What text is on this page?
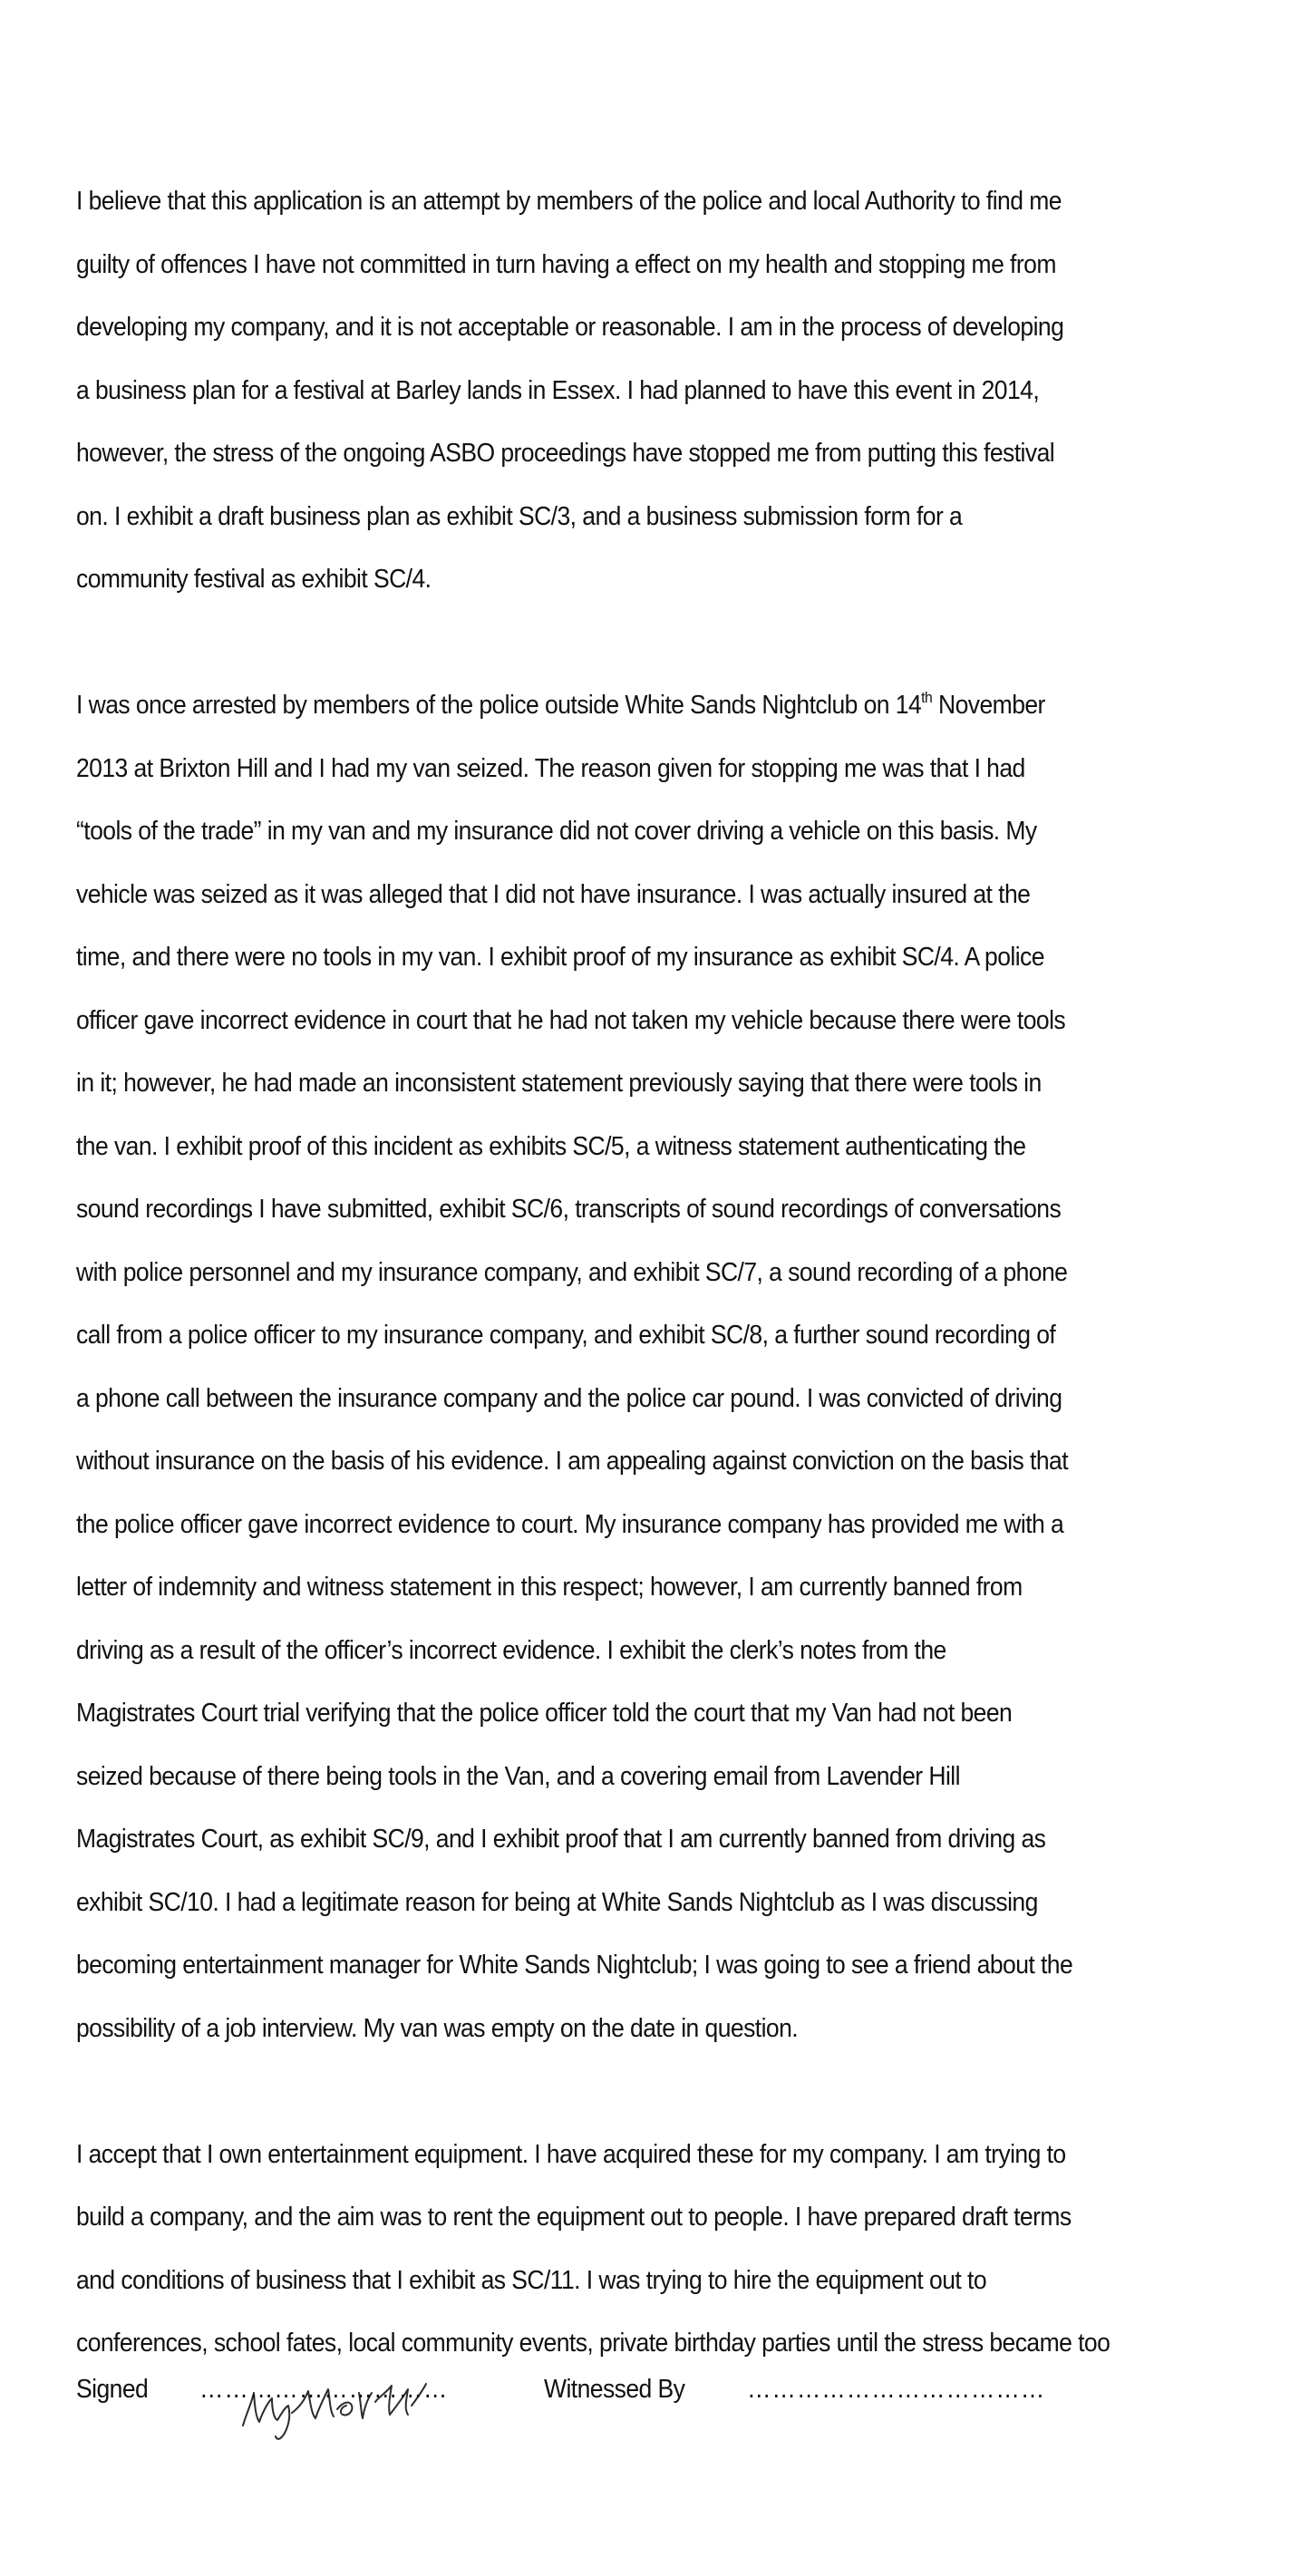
I believe that this application is an attempt by members of the police and local Authority to find me
guilty of offences I have not committed in turn having a effect on my health and stopping me from
developing my company, and it is not acceptable or reasonable. I am in the process of developing
a business plan for a festival at Barley lands in Essex. I had planned to have this event in 2014,
however, the stress of the ongoing ASBO proceedings have stopped me from putting this festival
on. I exhibit a draft business plan as exhibit SC/3, and a business submission form for a
community festival as exhibit SC/4.

I was once arrested by members of the police outside White Sands Nightclub on 14th November
2013 at Brixton Hill and I had my van seized. The reason given for stopping me was that I had
“tools of the trade” in my van and my insurance did not cover driving a vehicle on this basis. My
vehicle was seized as it was alleged that I did not have insurance. I was actually insured at the
time, and there were no tools in my van. I exhibit proof of my insurance as exhibit SC/4. A police
officer gave incorrect evidence in court that he had not taken my vehicle because there were tools
in it; however, he had made an inconsistent statement previously saying that there were tools in
the van. I exhibit proof of this incident as exhibits SC/5, a witness statement authenticating the
sound recordings I have submitted, exhibit SC/6, transcripts of sound recordings of conversations
with police personnel and my insurance company, and exhibit SC/7, a sound recording of a phone
call from a police officer to my insurance company, and exhibit SC/8, a further sound recording of
a phone call between the insurance company and the police car pound. I was convicted of driving
without insurance on the basis of his evidence. I am appealing against conviction on the basis that
the police officer gave incorrect evidence to court. My insurance company has provided me with a
letter of indemnity and witness statement in this respect; however, I am currently banned from
driving as a result of the officer’s incorrect evidence. I exhibit the clerk’s notes from the
Magistrates Court trial verifying that the police officer told the court that my Van had not been
seized because of there being tools in the Van, and a covering email from Lavender Hill
Magistrates Court, as exhibit SC/9, and I exhibit proof that I am currently banned from driving as
exhibit SC/10. I had a legitimate reason for being at White Sands Nightclub as I was discussing
becoming entertainment manager for White Sands Nightclub; I was going to see a friend about the
possibility of a job interview. My van was empty on the date in question.

I accept that I own entertainment equipment. I have acquired these for my company. I am trying to
build a company, and the aim was to rent the equipment out to people. I have prepared draft terms
and conditions of business that I exhibit as SC/11. I was trying to hire the equipment out to
conferences, school fates, local community events, private birthday parties until the stress became too

Signed …………………………	Witnessed By ………………………………
